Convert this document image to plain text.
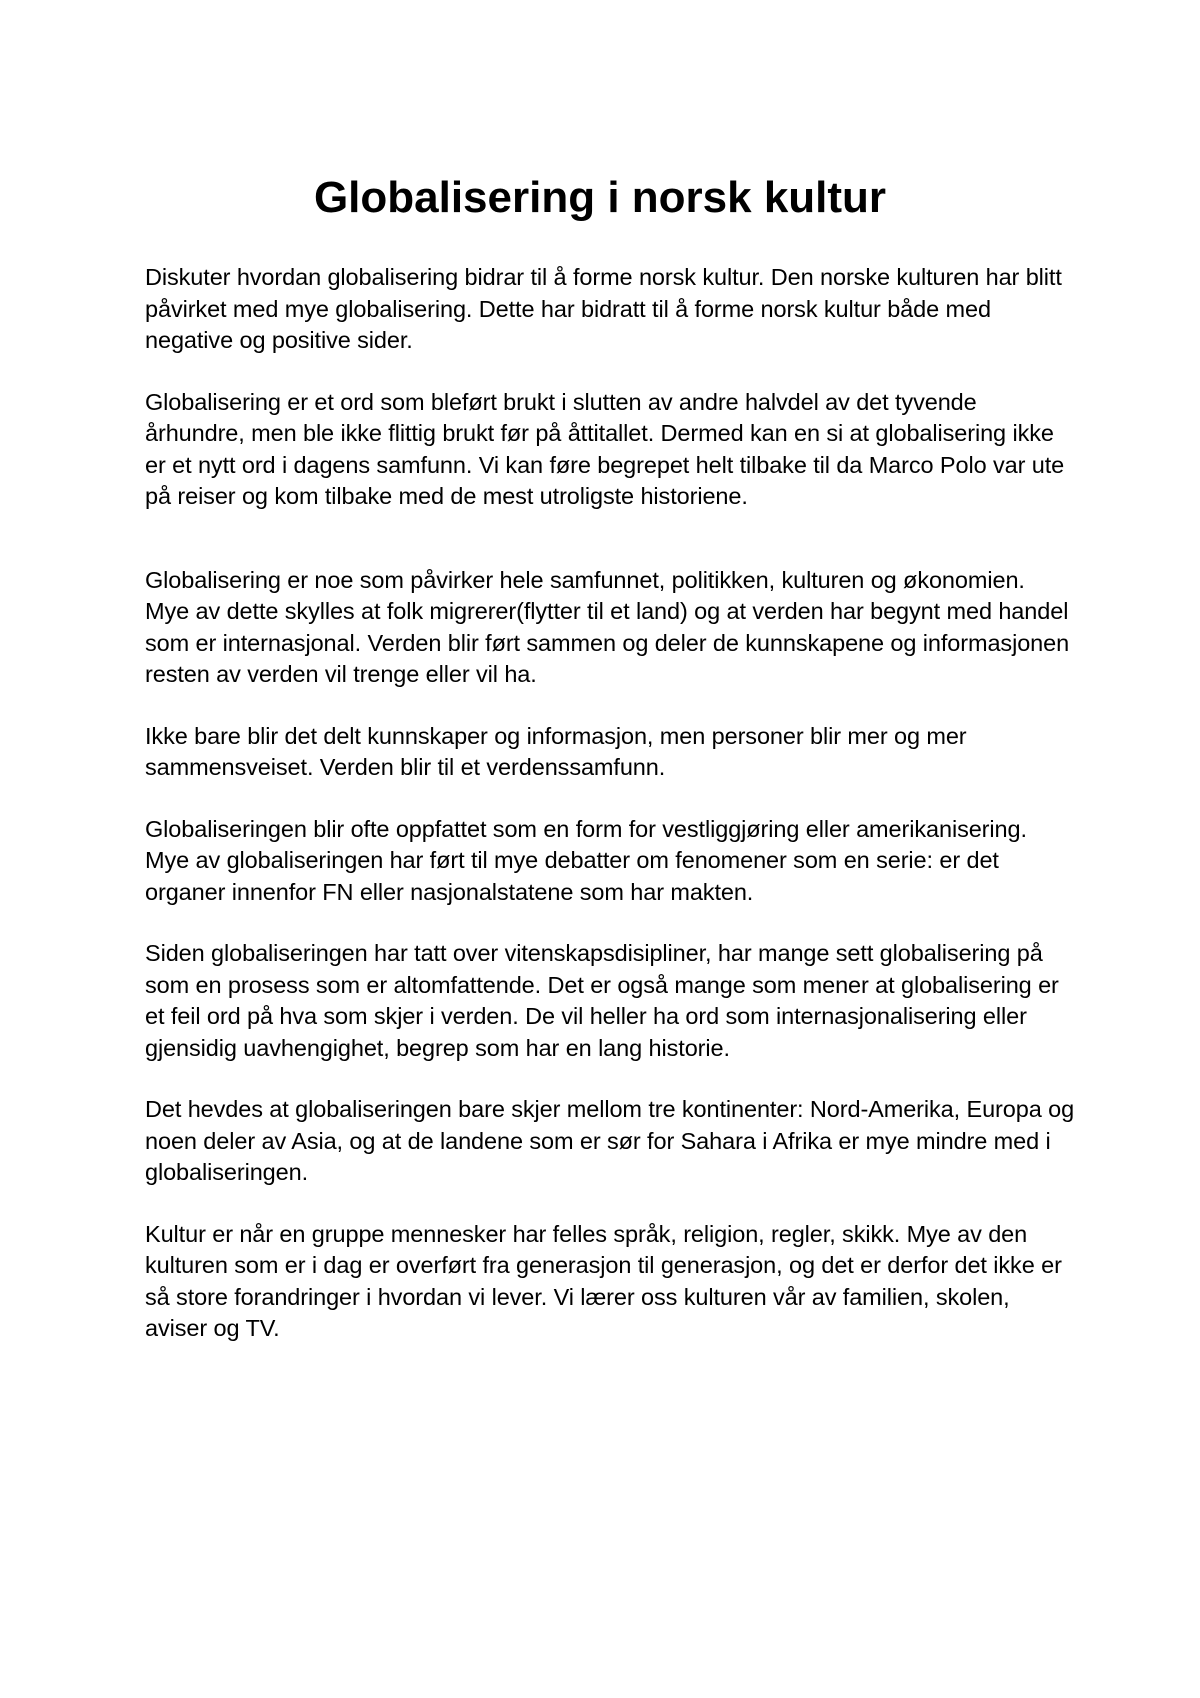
Globalisering i norsk kultur

Diskuter hvordan globalisering bidrar til å forme norsk kultur. Den norske kulturen har blitt påvirket med mye globalisering. Dette har bidratt til å forme norsk kultur både med negative og positive sider.

Globalisering er et ord som bleført brukt i slutten av andre halvdel av det tyvende århundre, men ble ikke flittig brukt før på åttitallet. Dermed kan en si at globalisering ikke er et nytt ord i dagens samfunn. Vi kan føre begrepet helt tilbake til da Marco Polo var ute på reiser og kom tilbake med de mest utroligste historiene.

Globalisering er noe som påvirker hele samfunnet, politikken, kulturen og økonomien. Mye av dette skylles at folk migrerer(flytter til et land) og at verden har begynt med handel som er internasjonal. Verden blir ført sammen og deler de kunnskapene og informasjonen resten av verden vil trenge eller vil ha.

Ikke bare blir det delt kunnskaper og informasjon, men personer blir mer og mer sammensveiset. Verden blir til et verdenssamfunn.

Globaliseringen blir ofte oppfattet som en form for vestliggjøring eller amerikanisering. Mye av globaliseringen har ført til mye debatter om fenomener som en serie: er det organer innenfor FN eller nasjonalstatene som har makten.

Siden globaliseringen har tatt over vitenskapsdisipliner, har mange sett globalisering på som en prosess som er altomfattende. Det er også mange som mener at globalisering er et feil ord på hva som skjer i verden. De vil heller ha ord som internasjonalisering eller gjensidig uavhengighet, begrep som har en lang historie.

Det hevdes at globaliseringen bare skjer mellom tre kontinenter: Nord-Amerika, Europa og noen deler av Asia, og at de landene som er sør for Sahara i Afrika er mye mindre med i globaliseringen.

Kultur er når en gruppe mennesker har felles språk, religion, regler, skikk. Mye av den kulturen som er i dag er overført fra generasjon til generasjon, og det er derfor det ikke er så store forandringer i hvordan vi lever. Vi lærer oss kulturen vår av familien, skolen, aviser og TV.
